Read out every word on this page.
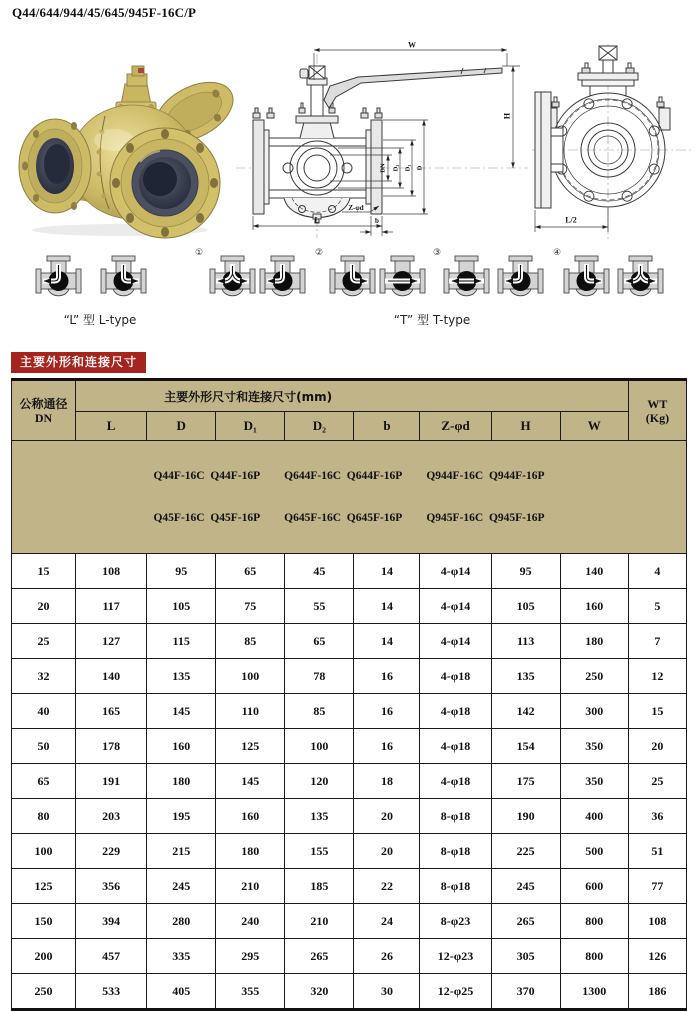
Q44/644/944/45/645/945F-16C/P
W
DN D₂ D₁ D
L	b
Z-φd
H
L/2
“L” 型 L-type
①	②	③	④
“T” 型 T-type
主要外形和连接尺寸
公称通径
DN
	主要外形尺寸和连接尺寸(mm)	WT
(Kg)

	L	D	D₁	D₂	b	Z-φd	H	W	

Q44F-16C  Q44F-16P

Q45F-16C  Q45F-16P

Q644F-16C  Q644F-16P

Q645F-16C  Q645F-16P

Q944F-16C  Q944F-16P

Q945F-16C  Q945F-16P

15	108	95	65	45	14	4-φ14	95	140	4
20	117	105	75	55	14	4-φ14	105	160	5
25	127	115	85	65	14	4-φ14	113	180	7
32	140	135	100	78	16	4-φ18	135	250	12
40	165	145	110	85	16	4-φ18	142	300	15
50	178	160	125	100	16	4-φ18	154	350	20
65	191	180	145	120	18	4-φ18	175	350	25
80	203	195	160	135	20	8-φ18	190	400	36
100	229	215	180	155	20	8-φ18	225	500	51
125	356	245	210	185	22	8-φ18	245	600	77
150	394	280	240	210	24	8-φ23	265	800	108
200	457	335	295	265	26	12-φ23	305	800	126
250	533	405	355	320	30	12-φ25	370	1300	186
